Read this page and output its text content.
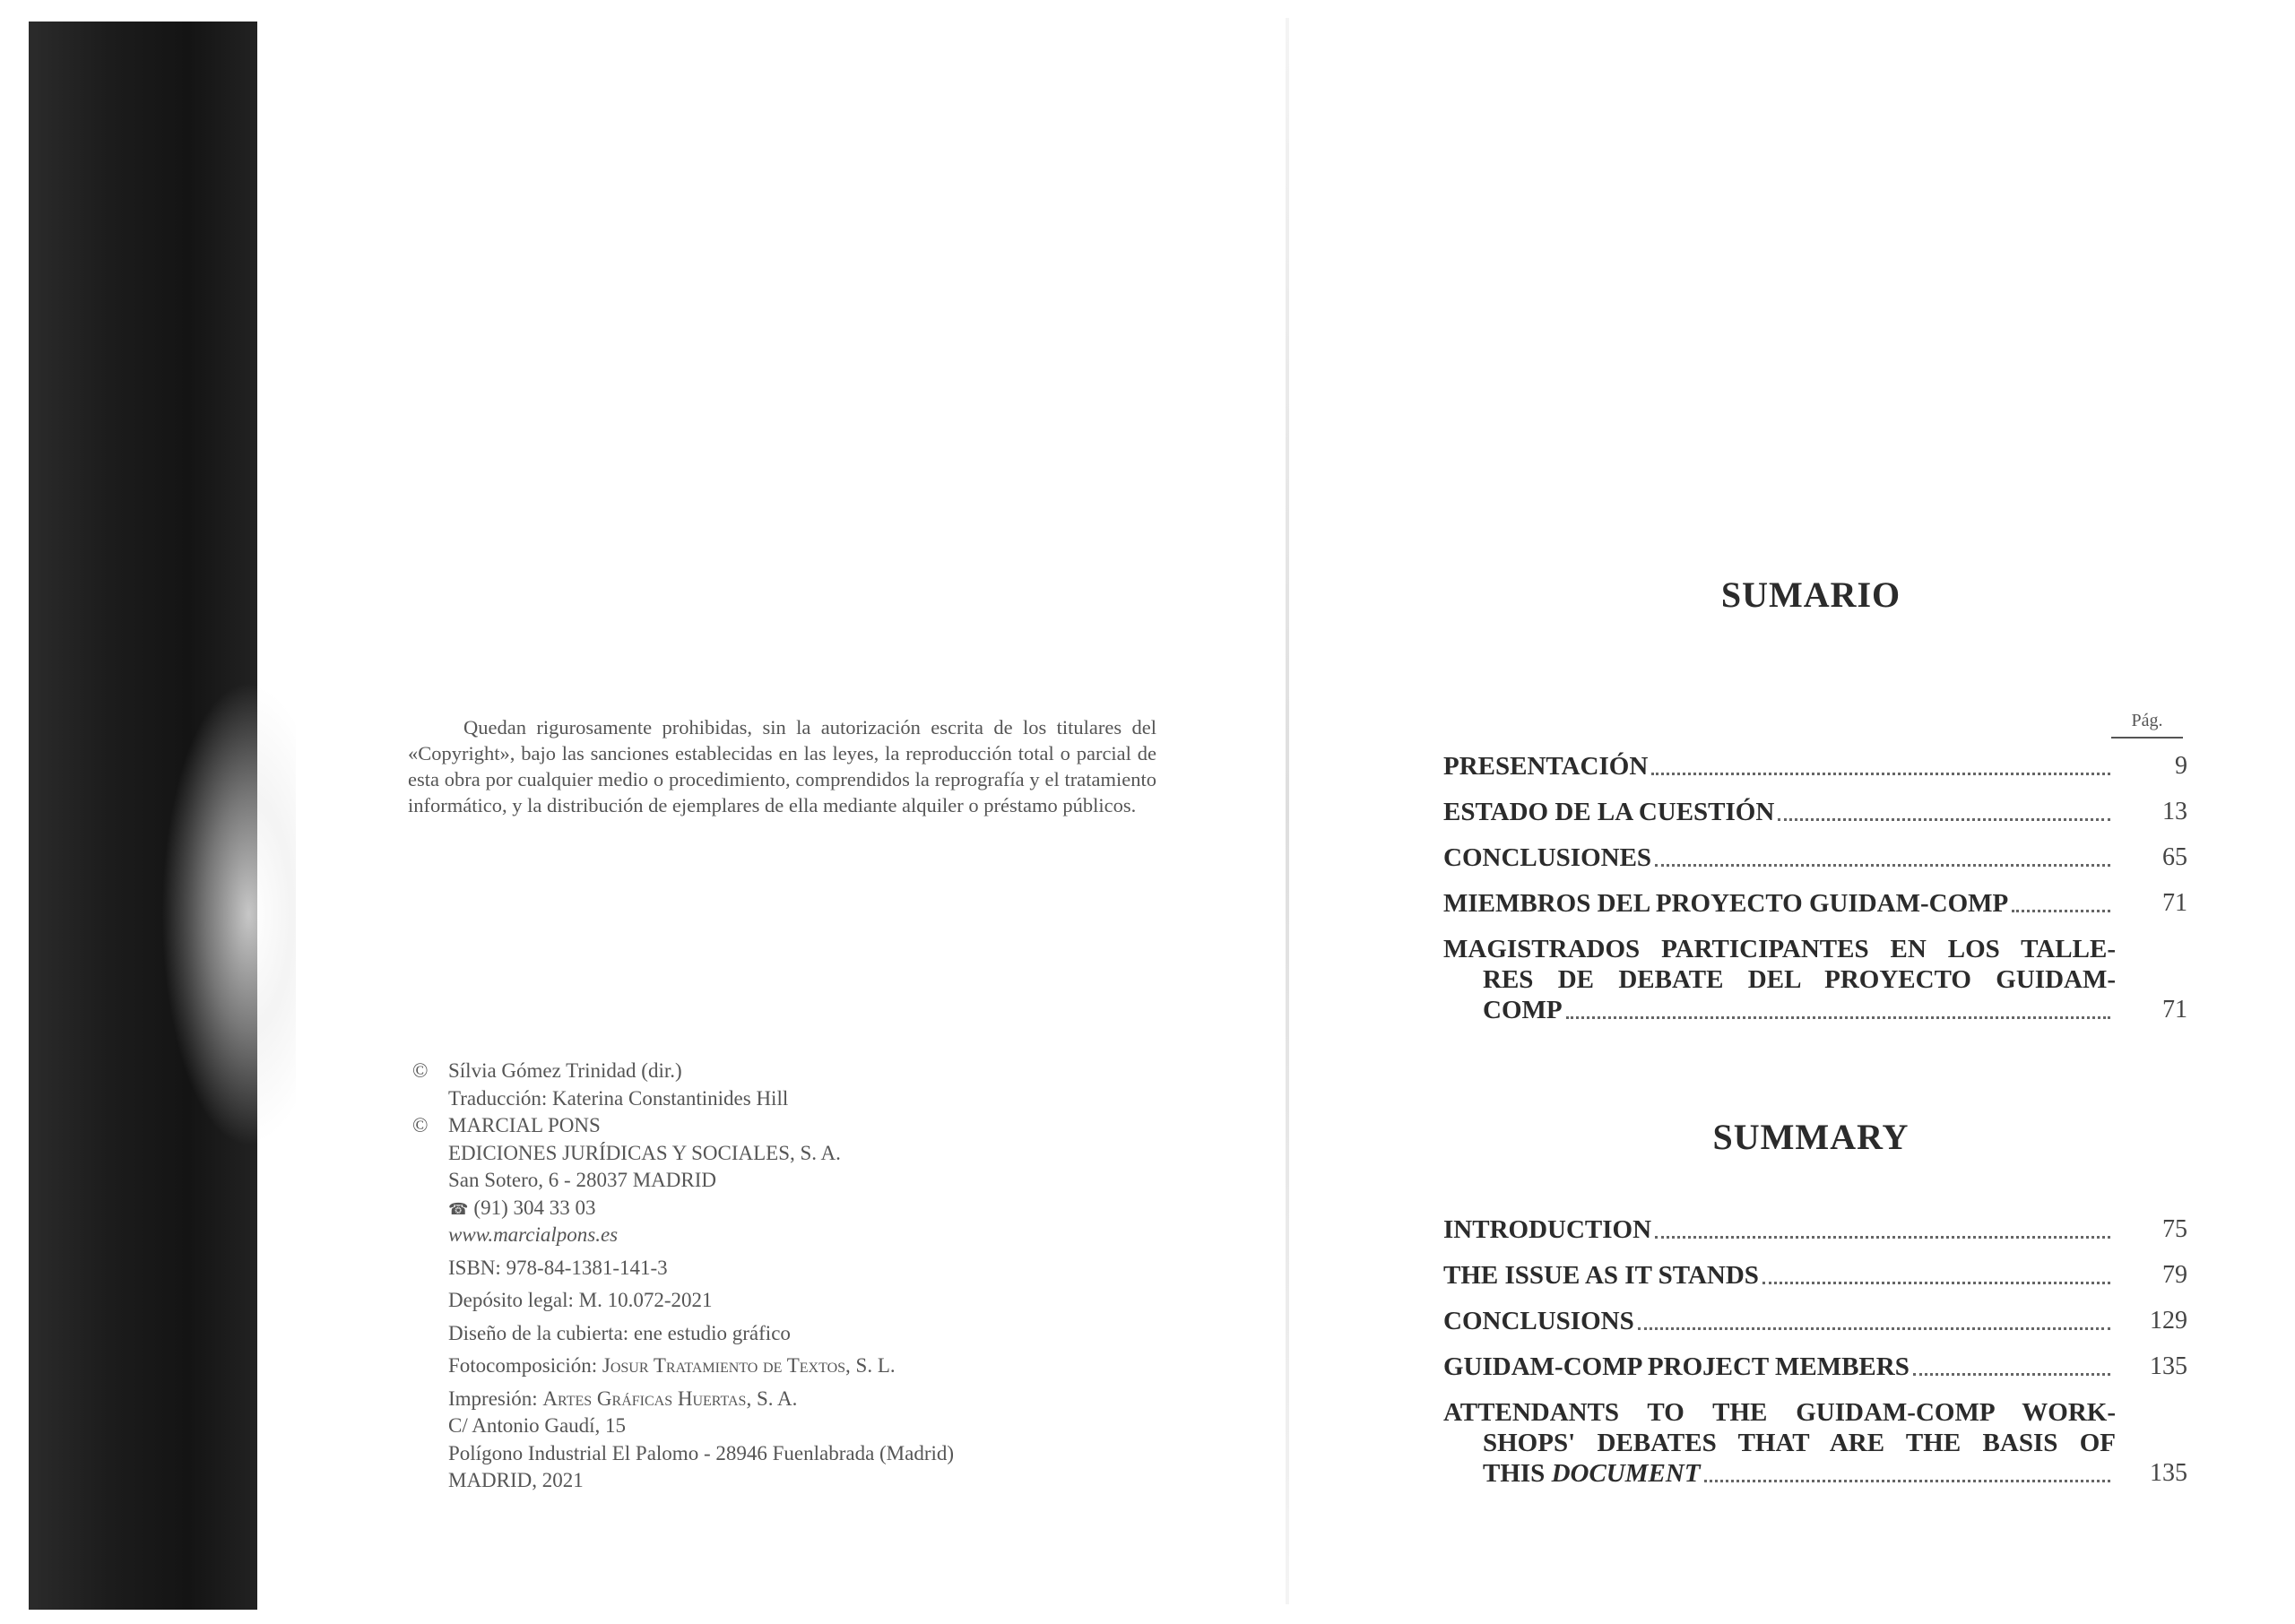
Quedan rigurosamente prohibidas, sin la autorización escrita de los titulares del «Copyright», bajo las sanciones establecidas en las leyes, la reproducción total o parcial de esta obra por cualquier medio o procedimiento, comprendidos la reprografía y el tratamiento informático, y la distribución de ejemplares de ella mediante alquiler o préstamo públicos.
© Sílvia Gómez Trinidad (dir.)
Traducción: Katerina Constantinides Hill
© MARCIAL PONS
EDICIONES JURÍDICAS Y SOCIALES, S. A.
San Sotero, 6 - 28037 MADRID
☎ (91) 304 33 03
www.marcialpons.es
ISBN: 978-84-1381-141-3
Depósito legal: M. 10.072-2021
Diseño de la cubierta: ene estudio gráfico
Fotocomposición: Josur Tratamiento de Textos, S. L.
Impresión: Artes Gráficas Huertas, S. A.
C/ Antonio Gaudí, 15
Polígono Industrial El Palomo - 28946 Fuenlabrada (Madrid)
MADRID, 2021
SUMARIO
Pág.
PRESENTACIÓN	9
ESTADO DE LA CUESTIÓN	13
CONCLUSIONES	65
MIEMBROS DEL PROYECTO GUIDAM-COMP	71
MAGISTRADOS PARTICIPANTES EN LOS TALLE-
RES DE DEBATE DEL PROYECTO GUIDAM-
COMP	71
SUMMARY
INTRODUCTION	75
THE ISSUE AS IT STANDS	79
CONCLUSIONS	129
GUIDAM-COMP PROJECT MEMBERS	135
ATTENDANTS TO THE GUIDAM-COMP WORK-
SHOPS' DEBATES THAT ARE THE BASIS OF
THIS DOCUMENT	135
